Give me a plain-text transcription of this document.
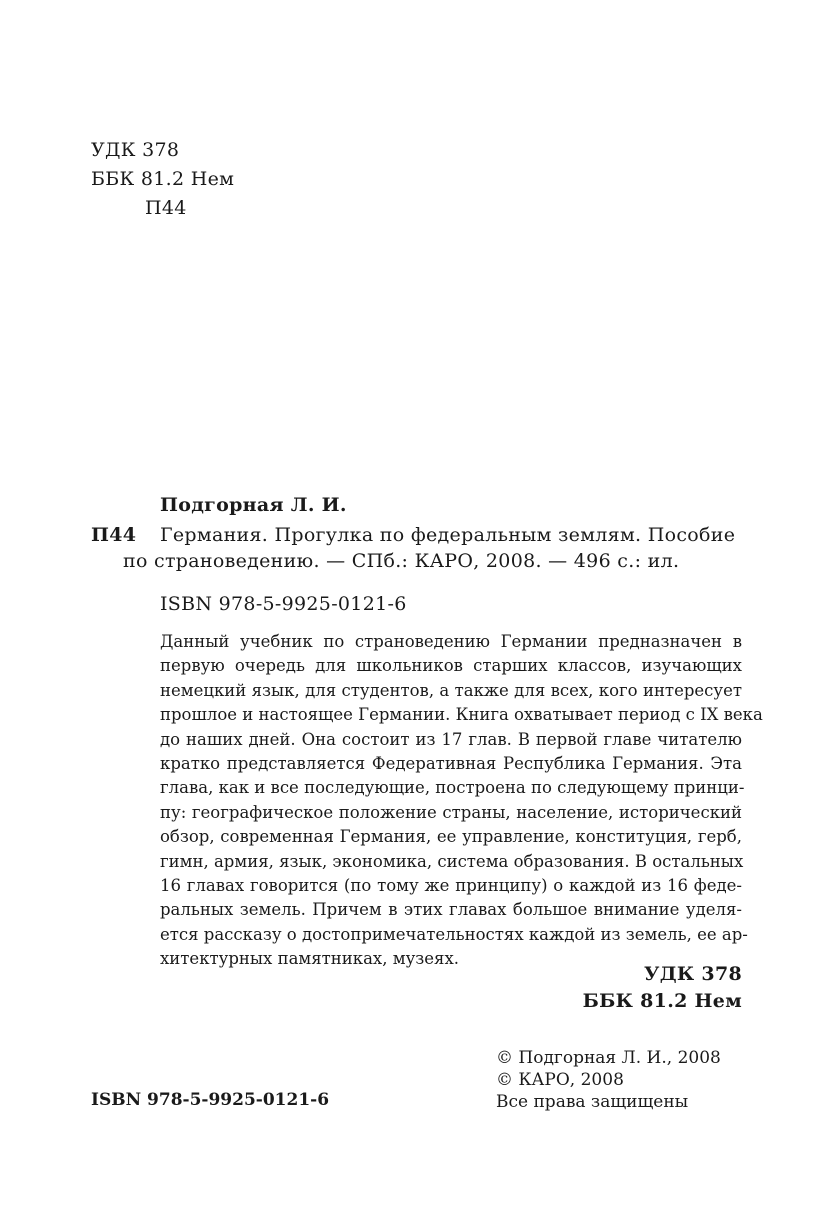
УДК 378
ББК 81.2 Нем
П44
Подгорная Л. И.
П44 Германия. Прогулка по федеральным землям. Пособие
по страноведению. — СПб.: КАРО, 2008. — 496 с.: ил.
ISBN 978-5-9925-0121-6
Данный учебник по страноведению Германии предназначен в
первую очередь для школьников старших классов, изучающих
немецкий язык, для студентов, а также для всех, кого интересует
прошлое и настоящее Германии. Книга охватывает период с IX века
до наших дней. Она состоит из 17 глав. В первой главе читателю
кратко представляется Федеративная Республика Германия. Эта
глава, как и все последующие, построена по следующему принци-
пу: географическое положение страны, население, исторический
обзор, современная Германия, ее управление, конституция, герб,
гимн, армия, язык, экономика, система образования. В остальных
16 главах говорится (по тому же принципу) о каждой из 16 феде-
ральных земель. Причем в этих главах большое внимание уделя-
ется рассказу о достопримечательностях каждой из земель, ее ар-
хитектурных памятниках, музеях.
УДК 378
ББК 81.2 Нем
© Подгорная Л. И., 2008
© КАРО, 2008
Все права защищены
ISBN 978-5-9925-0121-6
